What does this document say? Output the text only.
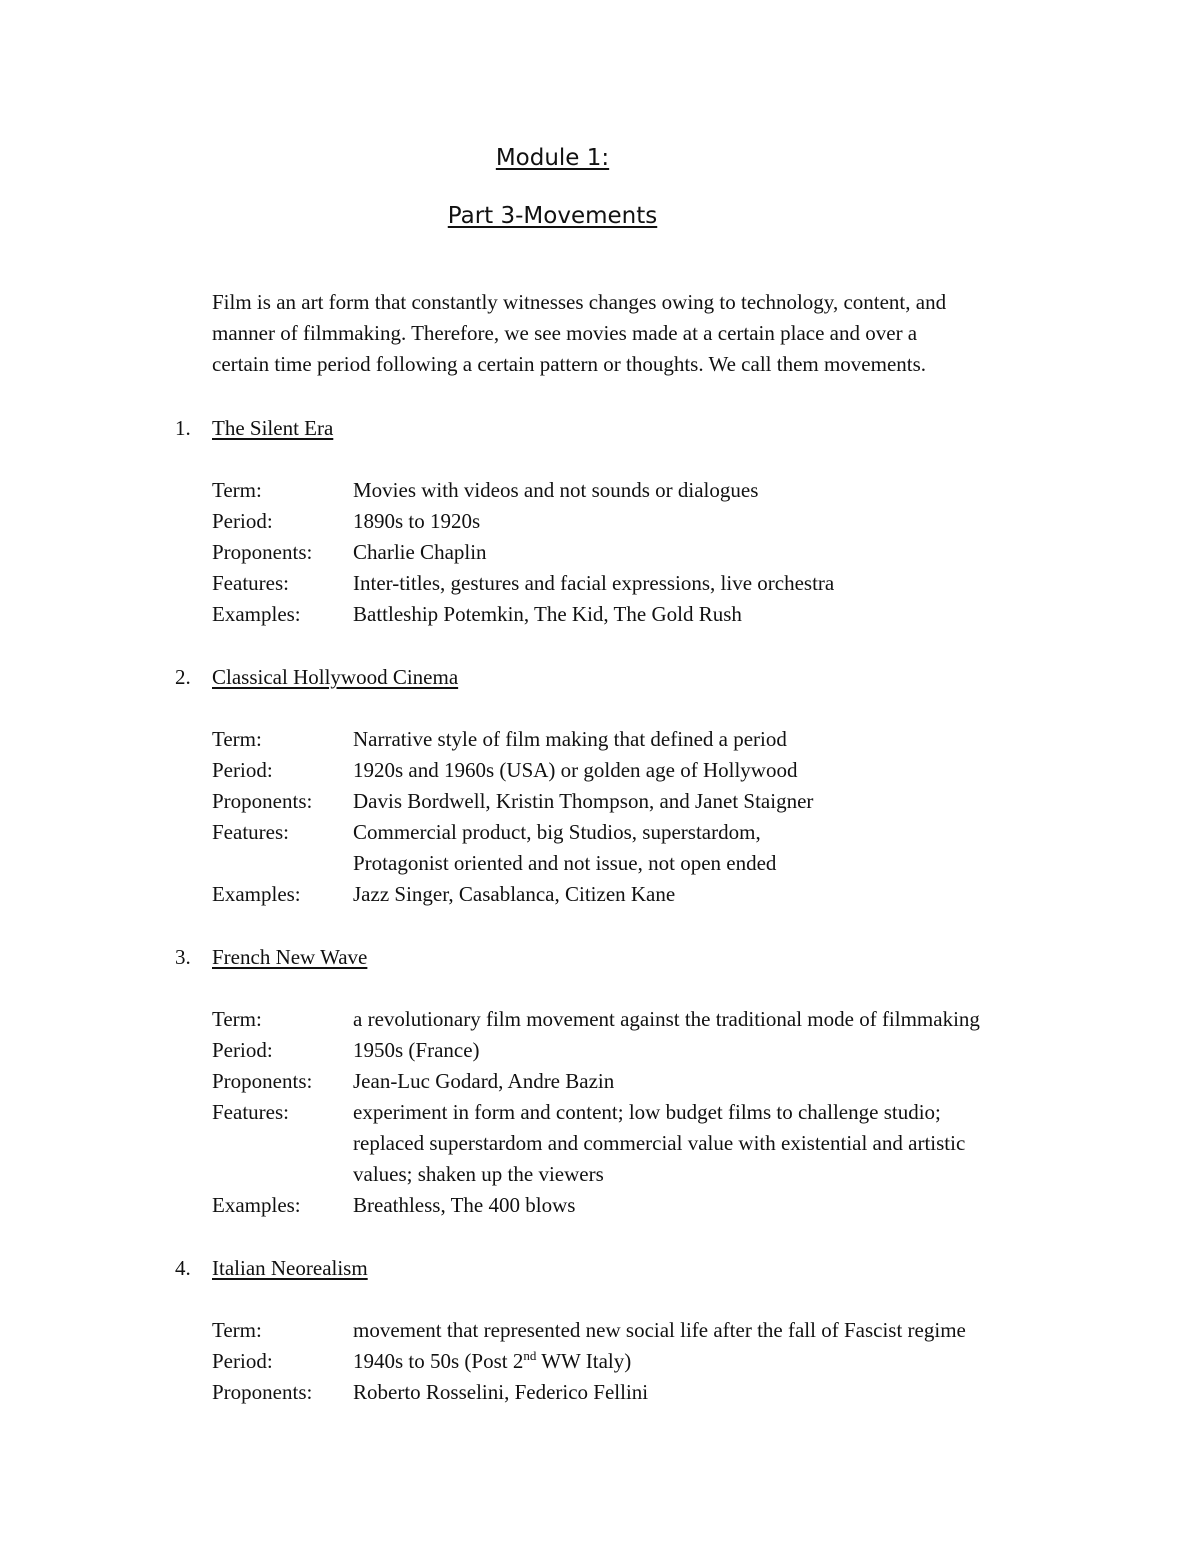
Module 1:
Part 3-Movements

Film is an art form that constantly witnesses changes owing to technology, content, and

manner of filmmaking. Therefore, we see movies made at a certain place and over a

certain time period following a certain pattern or thoughts. We call them movements.

1. The Silent Era
Term:	Movies with videos and not sounds or dialogues
Period:	1890s to 1920s
Proponents:	Charlie Chaplin
Features:	Inter-titles, gestures and facial expressions, live orchestra
Examples:	Battleship Potemkin, The Kid, The Gold Rush
2. Classical Hollywood Cinema
Term:	Narrative style of film making that defined a period
Period:	1920s and 1960s (USA) or golden age of Hollywood
Proponents:	Davis Bordwell, Kristin Thompson, and Janet Staigner
Features:	Commercial product, big Studios, superstardom,
Protagonist oriented and not issue, not open ended
Examples:	Jazz Singer, Casablanca, Citizen Kane
3. French New Wave
Term:	a revolutionary film movement against the traditional mode of filmmaking
Period:	1950s (France)
Proponents:	Jean-Luc Godard, Andre Bazin
Features:	experiment in form and content; low budget films to challenge studio;
replaced superstardom and commercial value with existential and artistic
values; shaken up the viewers
Examples:	Breathless, The 400 blows
4. Italian Neorealism
Term:	movement that represented new social life after the fall of Fascist regime
Period:	1940s to 50s (Post 2nd WW Italy)
Proponents:	Roberto Rosselini, Federico Fellini
